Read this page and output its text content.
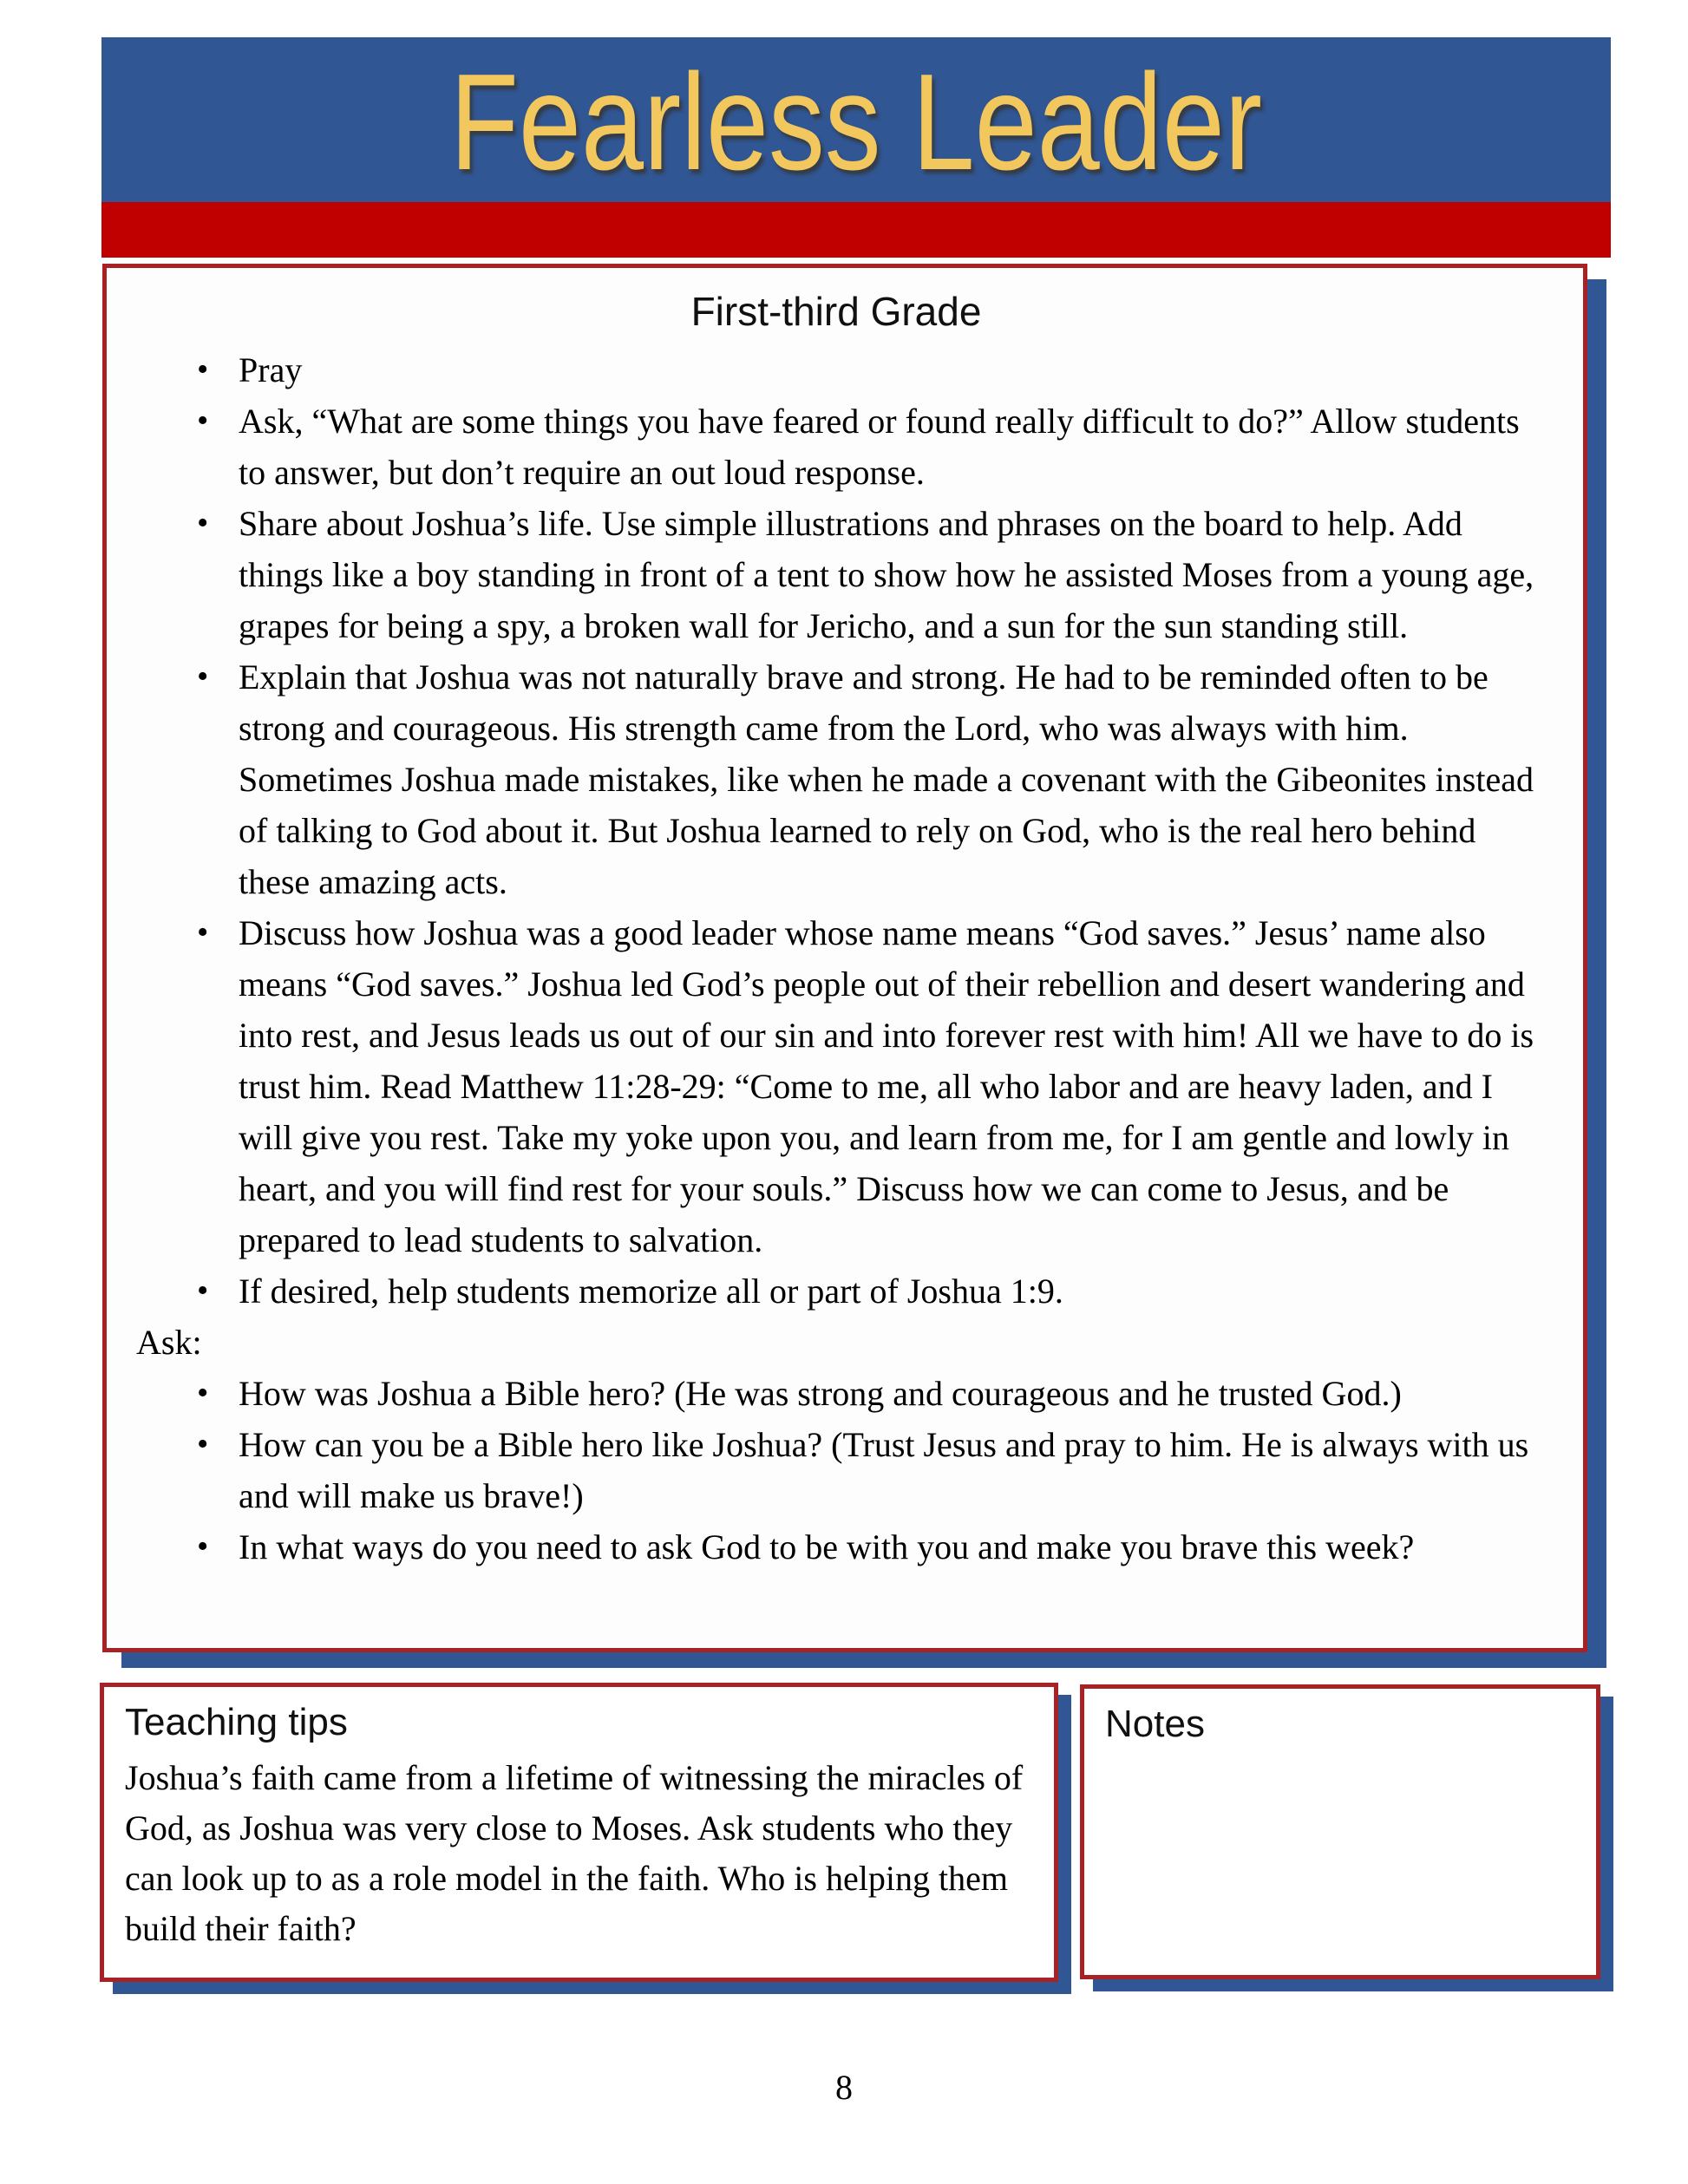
Fearless Leader
First-third Grade
• Pray
• Ask, “What are some things you have feared or found really difficult to do?” Allow students to answer, but don’t require an out loud response.
• Share about Joshua’s life. Use simple illustrations and phrases on the board to help. Add things like a boy standing in front of a tent to show how he assisted Moses from a young age, grapes for being a spy, a broken wall for Jericho, and a sun for the sun standing still.
• Explain that Joshua was not naturally brave and strong. He had to be reminded often to be strong and courageous. His strength came from the Lord, who was always with him. Sometimes Joshua made mistakes, like when he made a covenant with the Gibeonites instead of talking to God about it. But Joshua learned to rely on God, who is the real hero behind these amazing acts.
• Discuss how Joshua was a good leader whose name means “God saves.” Jesus’ name also means “God saves.” Joshua led God’s people out of their rebellion and desert wandering and into rest, and Jesus leads us out of our sin and into forever rest with him! All we have to do is trust him. Read Matthew 11:28-29: “Come to me, all who labor and are heavy laden, and I will give you rest. Take my yoke upon you, and learn from me, for I am gentle and lowly in heart, and you will find rest for your souls.” Discuss how we can come to Jesus, and be prepared to lead students to salvation.
• If desired, help students memorize all or part of Joshua 1:9.

Ask:

• How was Joshua a Bible hero? (He was strong and courageous and he trusted God.)
• How can you be a Bible hero like Joshua? (Trust Jesus and pray to him. He is always with us and will make us brave!)
• In what ways do you need to ask God to be with you and make you brave this week?
Teaching tips

Joshua’s faith came from a lifetime of witnessing the miracles of God, as Joshua was very close to Moses. Ask students who they can look up to as a role model in the faith. Who is helping them build their faith?

Notes
8
